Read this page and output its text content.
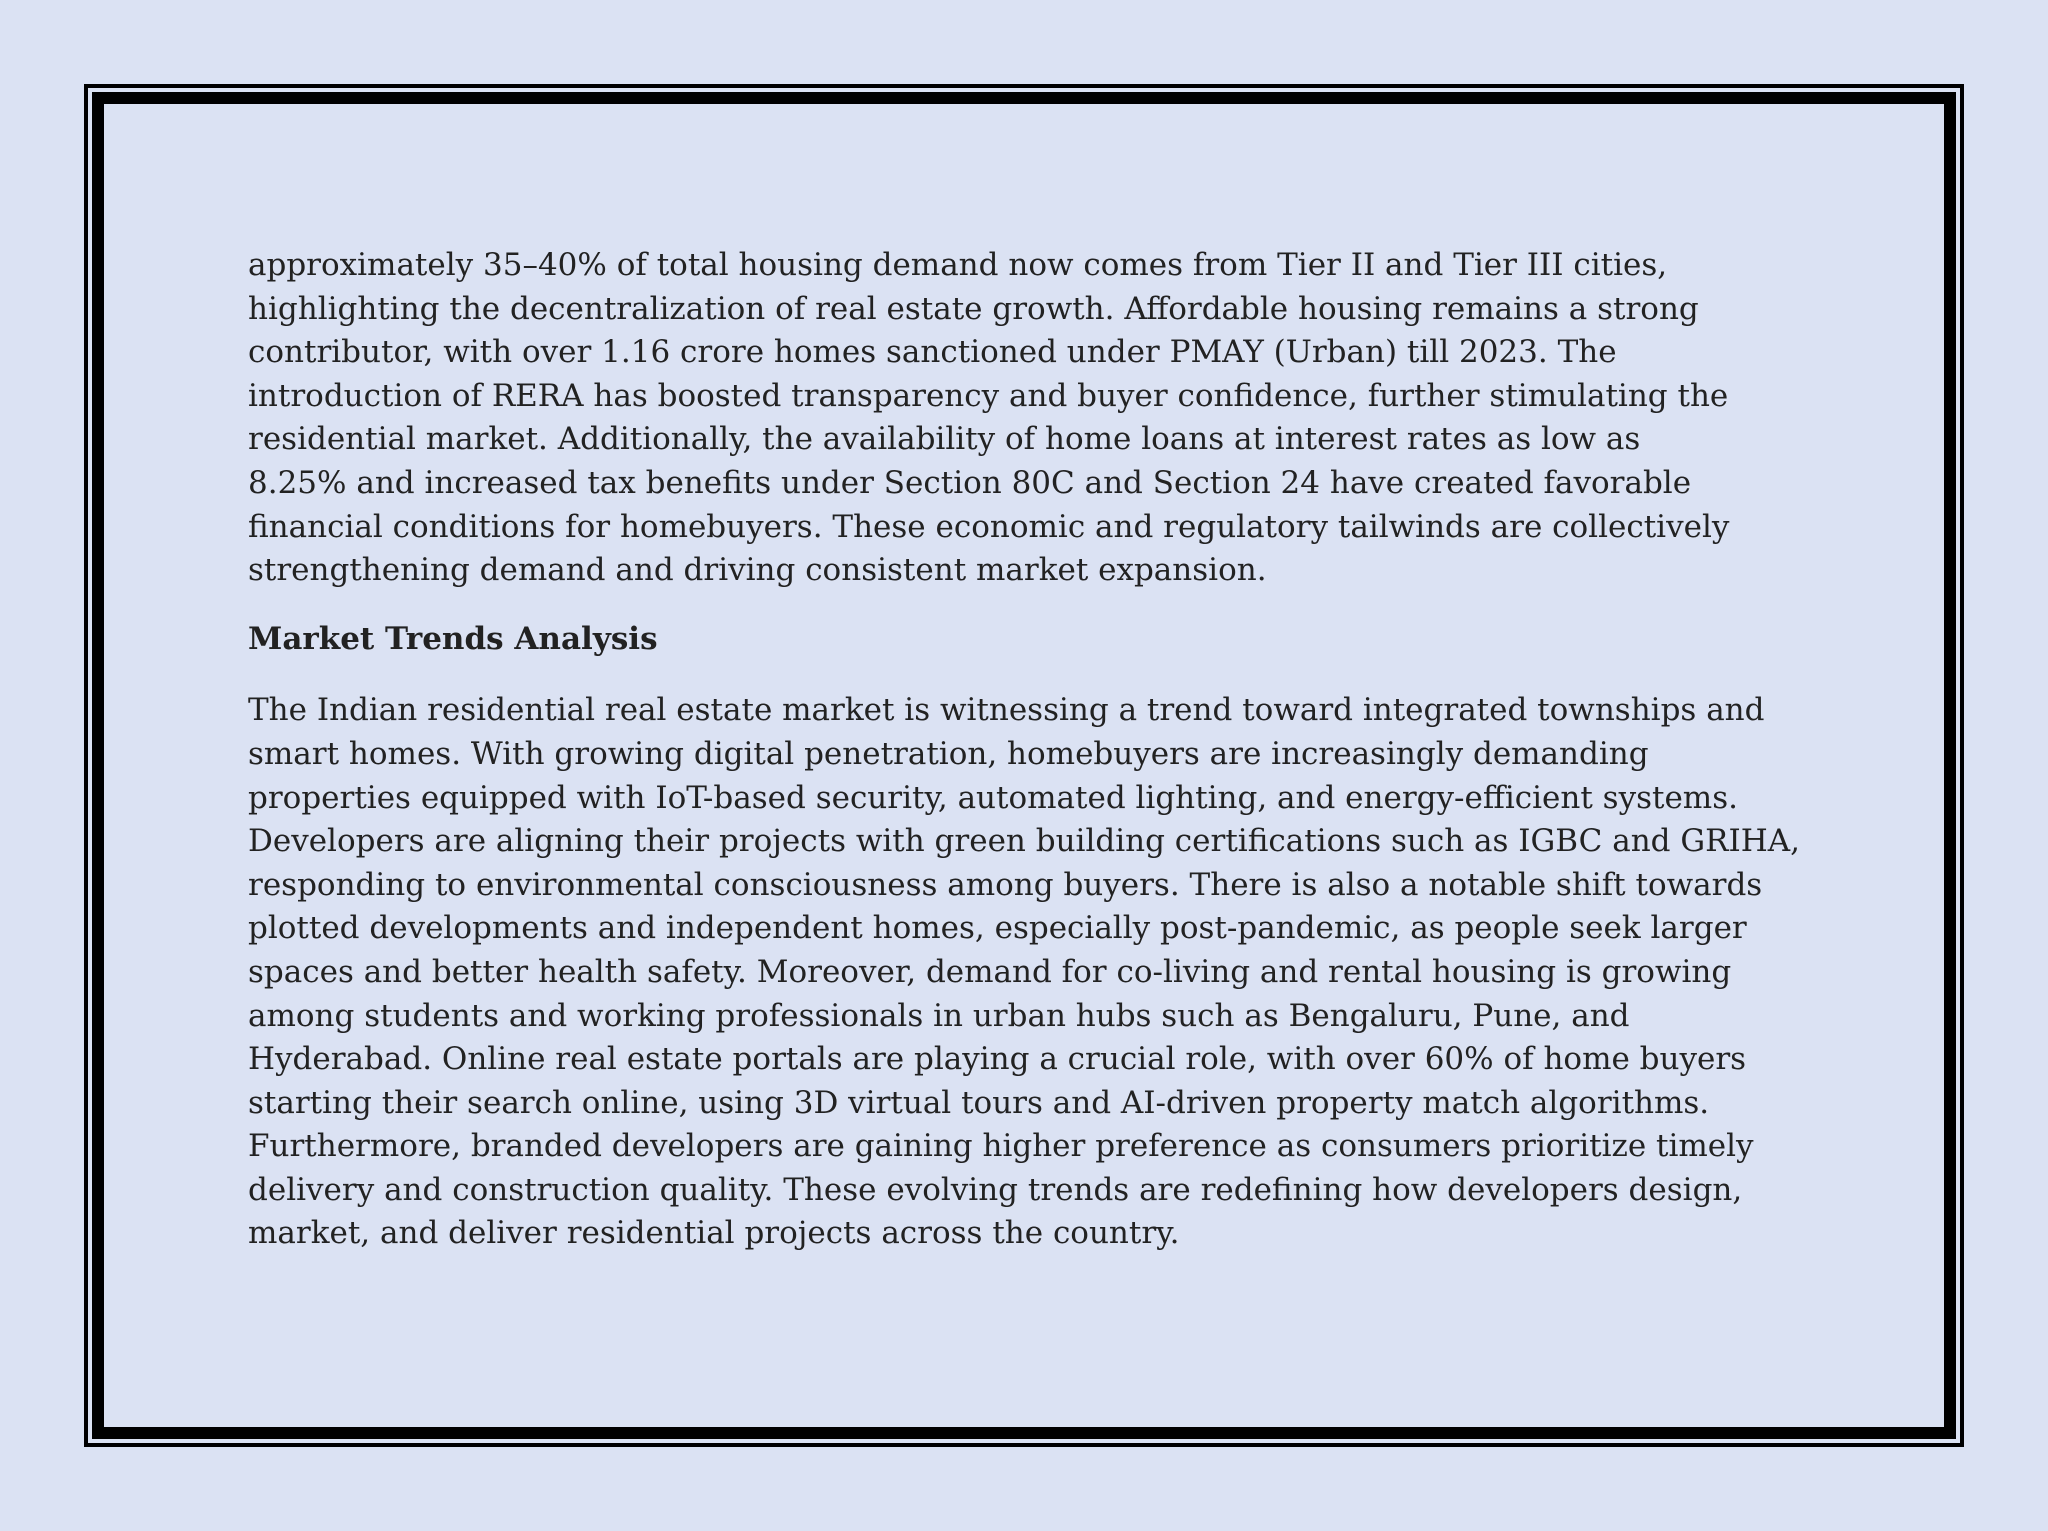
approximately 35–40% of total housing demand now comes from Tier II and Tier III cities, highlighting the decentralization of real estate growth. Affordable housing remains a strong contributor, with over 1.16 crore homes sanctioned under PMAY (Urban) till 2023. The introduction of RERA has boosted transparency and buyer confidence, further stimulating the residential market. Additionally, the availability of home loans at interest rates as low as 8.25% and increased tax benefits under Section 80C and Section 24 have created favorable financial conditions for homebuyers. These economic and regulatory tailwinds are collectively strengthening demand and driving consistent market expansion.

Market Trends Analysis

The Indian residential real estate market is witnessing a trend toward integrated townships and smart homes. With growing digital penetration, homebuyers are increasingly demanding properties equipped with IoT-based security, automated lighting, and energy-efficient systems. Developers are aligning their projects with green building certifications such as IGBC and GRIHA, responding to environmental consciousness among buyers. There is also a notable shift towards plotted developments and independent homes, especially post-pandemic, as people seek larger spaces and better health safety. Moreover, demand for co-living and rental housing is growing among students and working professionals in urban hubs such as Bengaluru, Pune, and Hyderabad. Online real estate portals are playing a crucial role, with over 60% of home buyers starting their search online, using 3D virtual tours and AI-driven property match algorithms. Furthermore, branded developers are gaining higher preference as consumers prioritize timely delivery and construction quality. These evolving trends are redefining how developers design, market, and deliver residential projects across the country.
